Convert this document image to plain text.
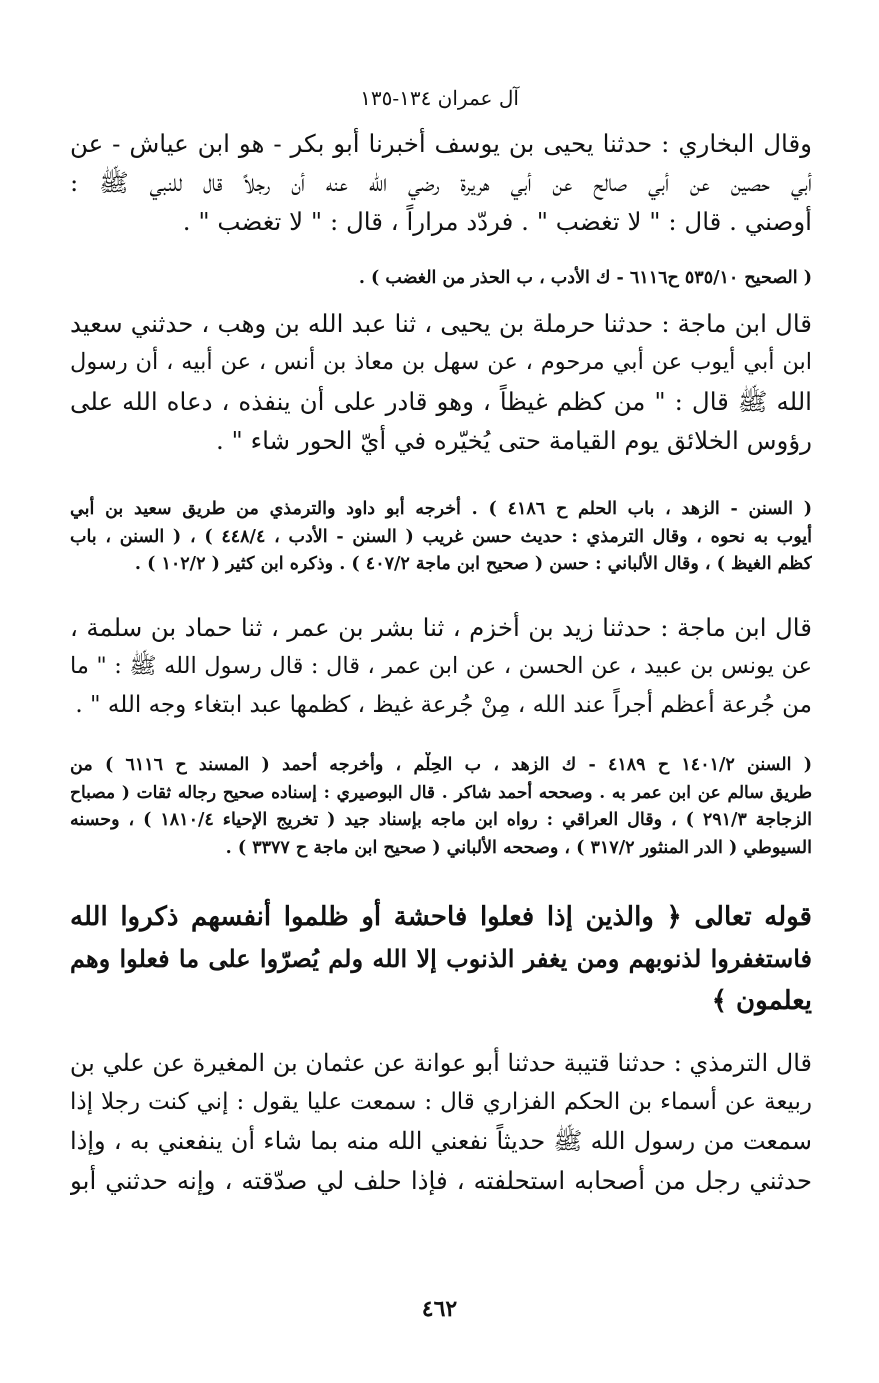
آل عمران ١٣٤-١٣٥
وقال البخاري : حدثنا يحيى بن يوسف أخبرنا أبو بكر - هو ابن عياش - عن
أبي حصين عن أبي صالح عن أبي هريرة رضي الله عنه أن رجلاً قال للنبي ﷺ :
أوصني . قال : " لا تغضب " . فردّد مراراً ، قال : " لا تغضب " .
( الصحيح ٥٣٥/١٠ ح٦١١٦ - ك الأدب ، ب الحذر من الغضب ) .
قال ابن ماجة : حدثنا حرملة بن يحيى ، ثنا عبد الله بن وهب ، حدثني سعيد
ابن أبي أيوب عن أبي مرحوم ، عن سهل بن معاذ بن أنس ، عن أبيه ، أن رسول
الله ﷺ قال : " من كظم غيظاً ، وهو قادر على أن ينفذه ، دعاه الله على
رؤوس الخلائق يوم القيامة حتى يُخيّره في أيّ الحور شاء " .
( السنن - الزهد ، باب الحلم ح ٤١٨٦ ) . أخرجه أبو داود والترمذي من طريق سعيد بن أبي
أيوب به نحوه ، وقال الترمذي : حديث حسن غريب ( السنن - الأدب ، ٤٤٨/٤ ) ، ( السنن ، باب
كظم الغيظ ) ، وقال الألباني : حسن ( صحيح ابن ماجة ٤٠٧/٢ ) . وذكره ابن كثير ( ١٠٢/٢ ) .
قال ابن ماجة : حدثنا زيد بن أخزم ، ثنا بشر بن عمر ، ثنا حماد بن سلمة ،
عن يونس بن عبيد ، عن الحسن ، عن ابن عمر ، قال : قال رسول الله ﷺ : " ما
من جُرعة أعظم أجراً عند الله ، مِنْ جُرعة غيظ ، كظمها عبد ابتغاء وجه الله " .
( السنن ١٤٠١/٢ ح ٤١٨٩ - ك الزهد ، ب الحِلْم ، وأخرجه أحمد ( المسند ح ٦١١٦ ) من
طريق سالم عن ابن عمر به . وصححه أحمد شاكر . قال البوصيري : إسناده صحيح رجاله ثقات ( مصباح
الزجاجة ٢٩١/٣ ) ، وقال العراقي : رواه ابن ماجه بإسناد جيد ( تخريج الإحياء ١٨١٠/٤ ) ، وحسنه
السيوطي ( الدر المنثور ٣١٧/٢ ) ، وصححه الألباني ( صحيح ابن ماجة ح ٣٣٧٧ ) .
قوله تعالى ﴿ والذين إذا فعلوا فاحشة أو ظلموا أنفسهم ذكروا الله
فاستغفروا لذنوبهم ومن يغفر الذنوب إلا الله ولم يُصرّوا على ما فعلوا وهم
يعلمون ﴾
قال الترمذي : حدثنا قتيبة حدثنا أبو عوانة عن عثمان بن المغيرة عن علي بن
ربيعة عن أسماء بن الحكم الفزاري قال : سمعت عليا يقول : إني كنت رجلا إذا
سمعت من رسول الله ﷺ حديثاً نفعني الله منه بما شاء أن ينفعني به ، وإذا
حدثني رجل من أصحابه استحلفته ، فإذا حلف لي صدّقته ، وإنه حدثني أبو
٤٦٢
